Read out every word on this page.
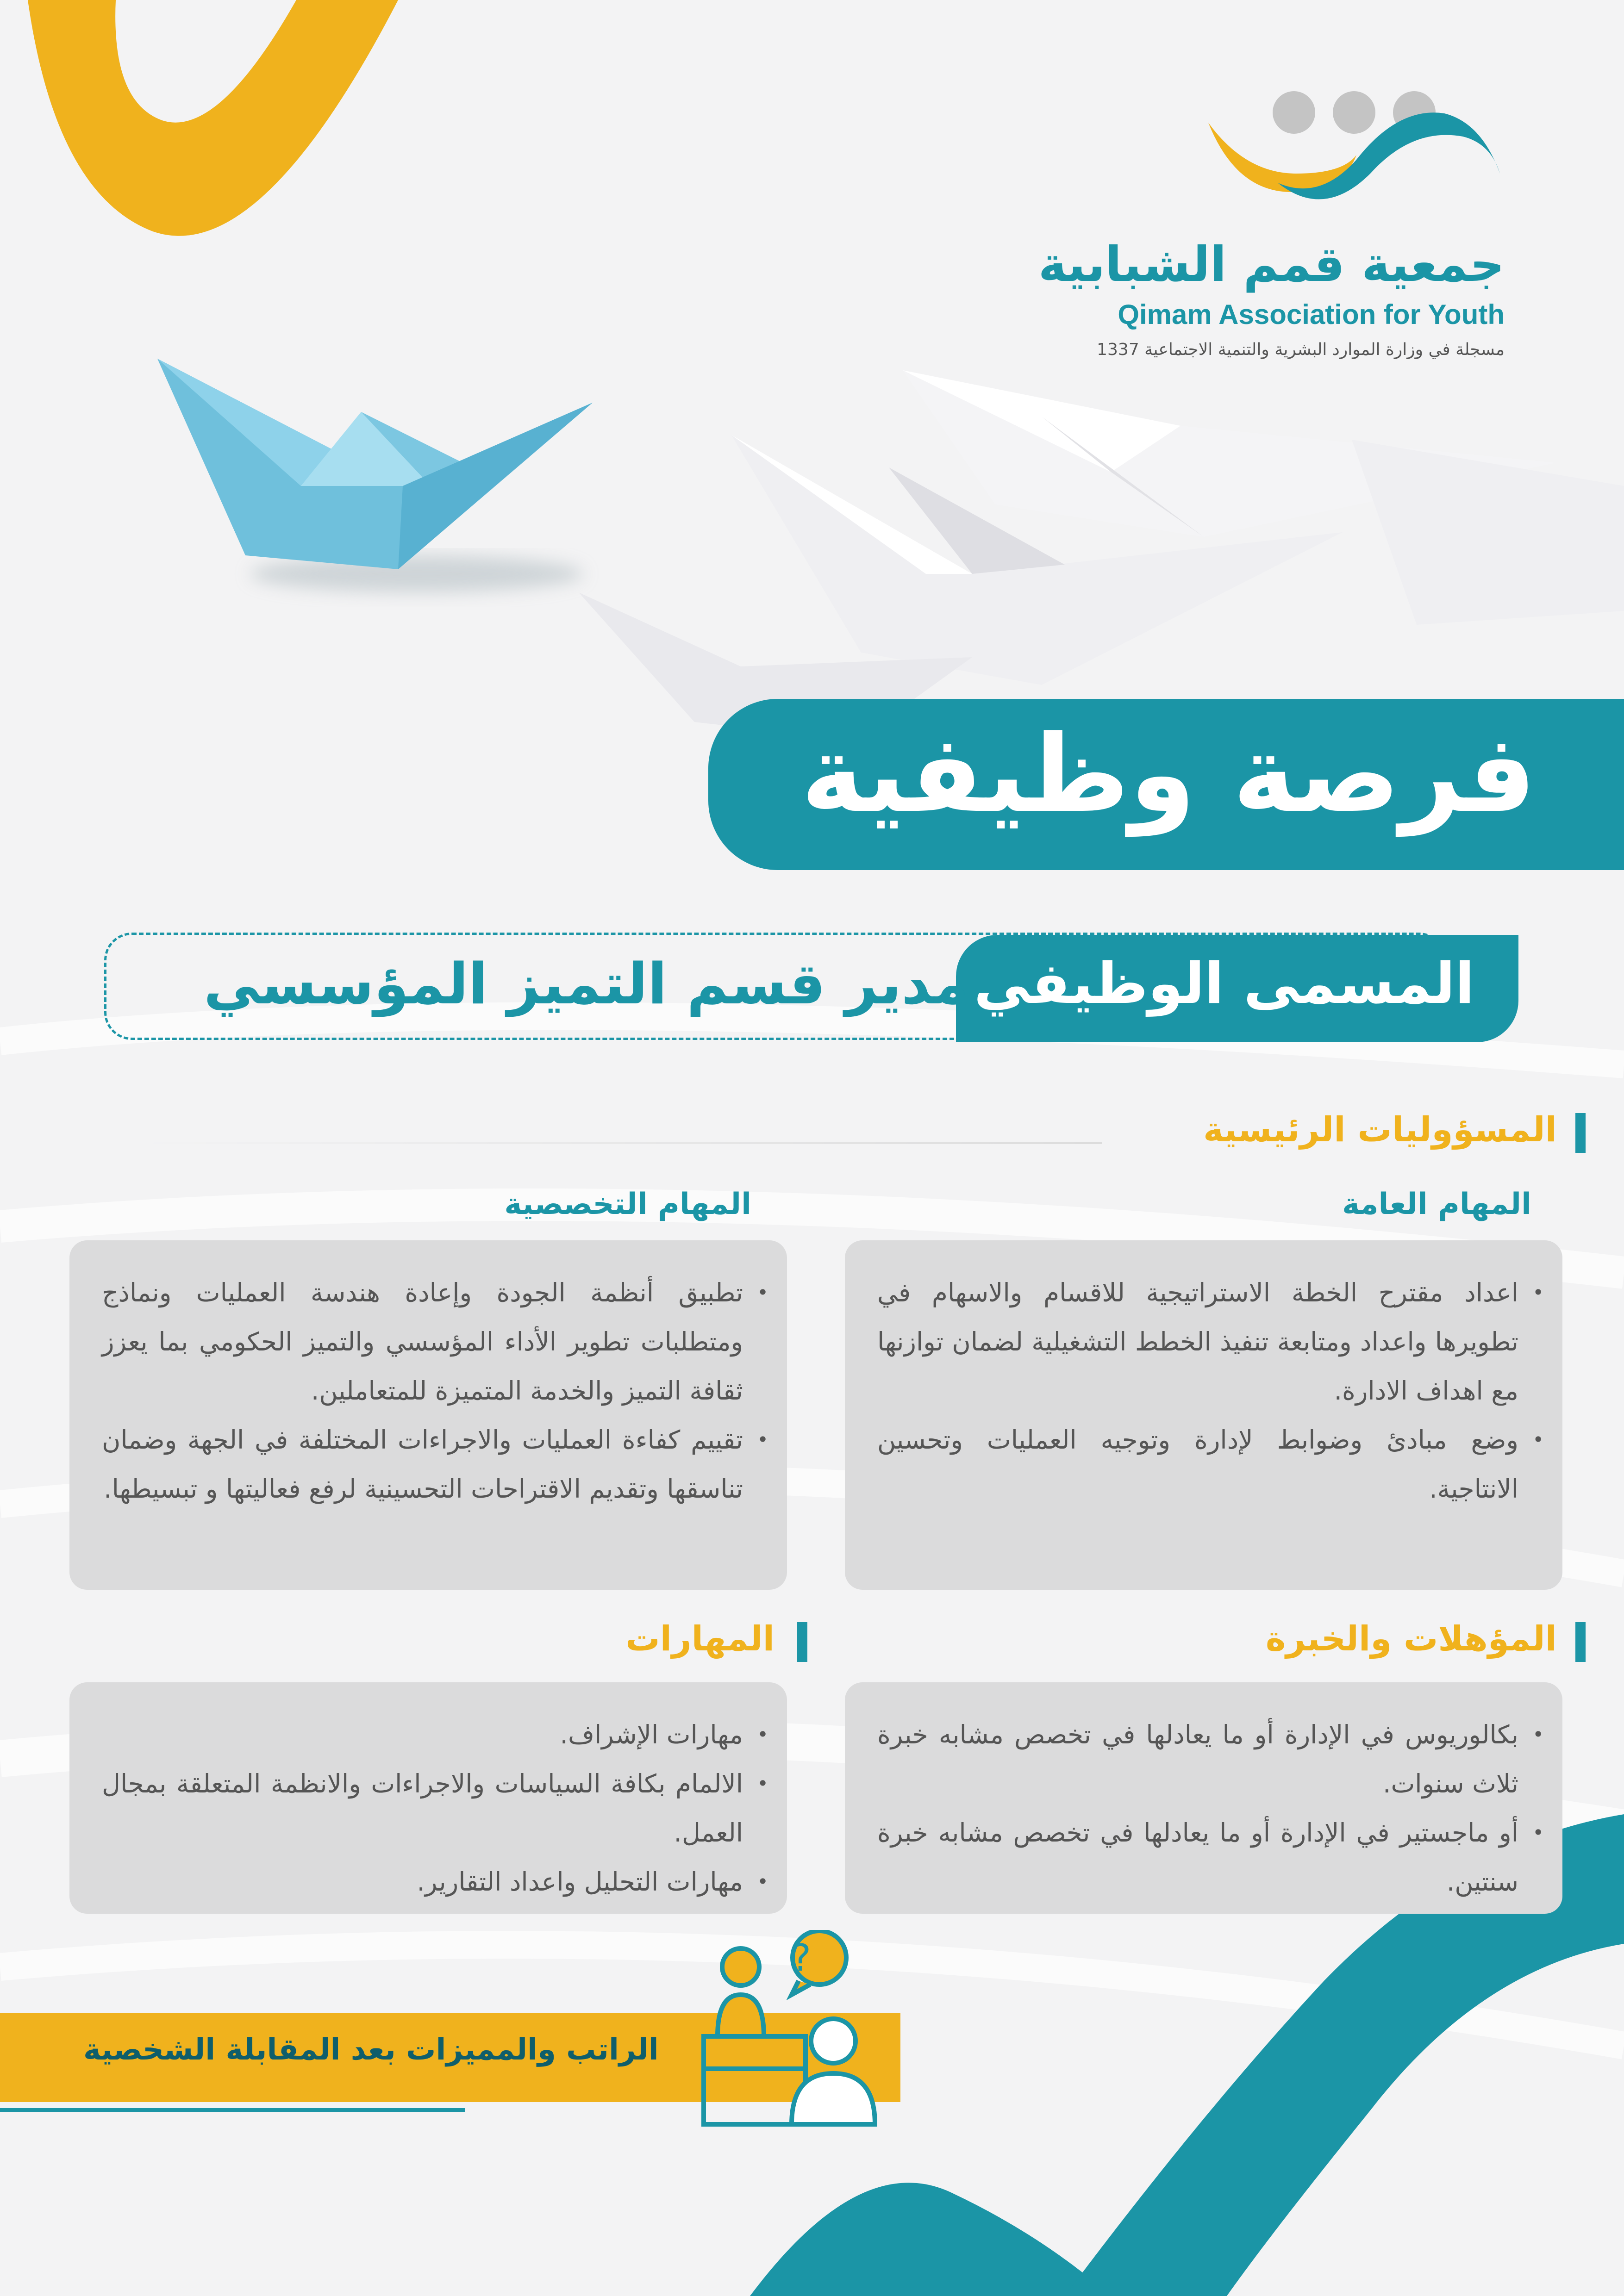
جمعية قمم الشبابية
Qimam Association for Youth
مسجلة في وزارة الموارد البشرية والتنمية الاجتماعية 1337
فرصة وظيفية
المسمى الوظيفي
مدير قسم التميز المؤسسي
المسؤوليات الرئيسية
المهام العامة
المهام التخصصية
• اعداد مقترح الخطة الاستراتيجية للاقسام والاسهام في تطويرها واعداد ومتابعة تنفيذ الخطط التشغيلية لضمان توازنها مع اهداف الادارة.
• وضع مبادئ وضوابط لإدارة وتوجيه العمليات وتحسين الانتاجية.
• تطبيق أنظمة الجودة وإعادة هندسة العمليات ونماذج ومتطلبات تطوير الأداء المؤسسي والتميز الحكومي بما يعزز ثقافة التميز والخدمة المتميزة للمتعاملين.
• تقييم كفاءة العمليات والاجراءات المختلفة في الجهة وضمان تناسقها وتقديم الاقتراحات التحسينية لرفع فعاليتها و تبسيطها.
المؤهلات والخبرة
المهارات
• بكالوريوس في الإدارة أو ما يعادلها في تخصص مشابه خبرة ثلاث سنوات.
• أو ماجستير في الإدارة أو ما يعادلها في تخصص مشابه خبرة سنتين.
• مهارات الإشراف.
• الالمام بكافة السياسات والاجراءات والانظمة المتعلقة بمجال العمل.
• مهارات التحليل واعداد التقارير.
الراتب والمميزات بعد المقابلة الشخصية
?
